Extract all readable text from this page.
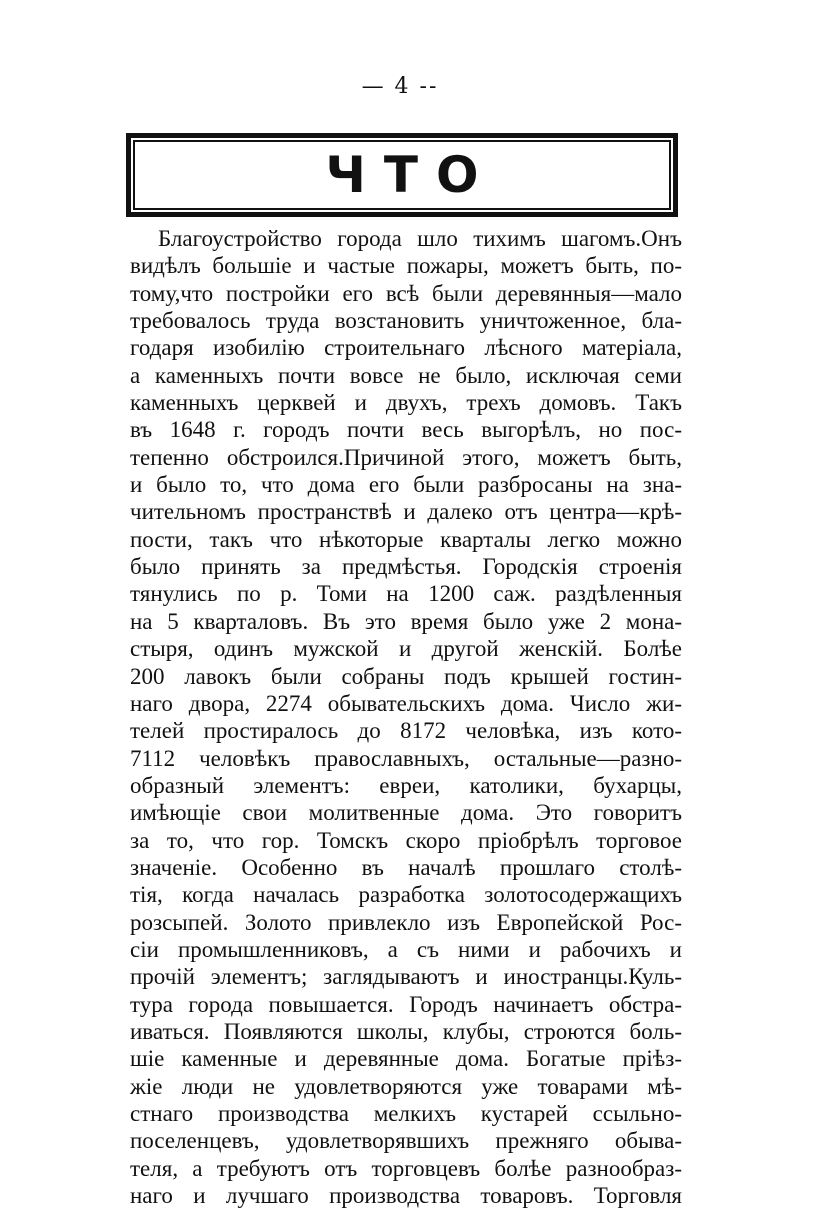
— 4 --
ЧТО
Благоустройство города шло тихимъ шагомъ.Онъ
видѣлъ большіе и частые пожары, можетъ быть, по-
тому,что постройки его всѣ были деревянныя—мало
требовалось труда возстановить уничтоженное, бла-
годаря изобилію строительнаго лѣсного матеріала,
а каменныхъ почти вовсе не было, исключая семи
каменныхъ церквей и двухъ, трехъ домовъ. Такъ
въ 1648 г. городъ почти весь выгорѣлъ, но пос-
тепенно обстроился.Причиной этого, можетъ быть,
и было то, что дома его были разбросаны на зна-
чительномъ пространствѣ и далеко отъ центра—крѣ-
пости, такъ что нѣкоторые кварталы легко можно
было принять за предмѣстья. Городскія строенія
тянулись по р. Томи на 1200 саж. раздѣленныя
на 5 кварталовъ. Въ это время было уже 2 мона-
стыря, одинъ мужской и другой женскій. Болѣе
200 лавокъ были собраны подъ крышей гостин-
наго двора, 2274 обывательскихъ дома. Число жи-
телей простиралось до 8172 человѣка, изъ кото-
7112 человѣкъ православныхъ, остальные—разно-
образный элементъ: евреи, католики, бухарцы,
имѣющіе свои молитвенные дома. Это говоритъ
за то, что гор. Томскъ скоро пріобрѣлъ торговое
значеніе. Особенно въ началѣ прошлаго столѣ-
тія, когда началась разработка золотосодержащихъ
розсыпей. Золото привлекло изъ Европейской Рос-
сіи промышленниковъ, а съ ними и рабочихъ и
прочій элементъ; заглядываютъ и иностранцы.Куль-
тура города повышается. Городъ начинаетъ обстра-
иваться. Появляются школы, клубы, строются боль-
шіе каменные и деревянные дома. Богатые пріѣз-
жіе люди не удовлетворяются уже товарами мѣ-
стнаго производства мелкихъ кустарей ссыльно-
поселенцевъ, удовлетворявшихъ прежняго обыва-
теля, а требуютъ отъ торговцевъ болѣе разнообраз-
наго и лучшаго производства товаровъ. Торговля
